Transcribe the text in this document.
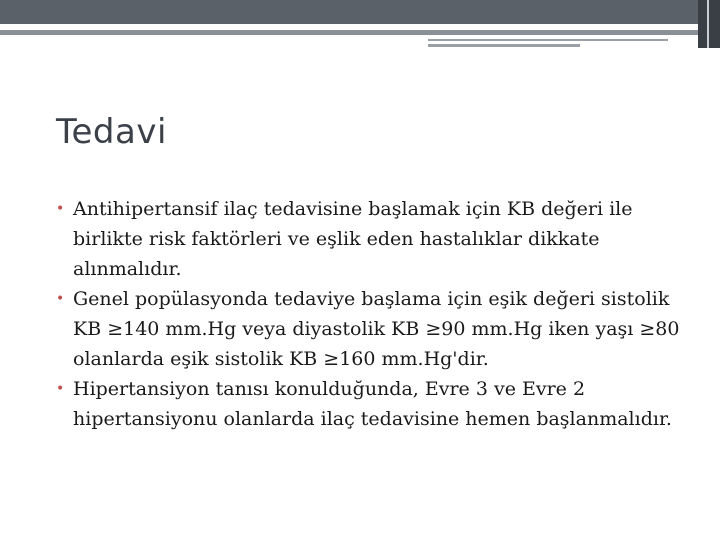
Tedavi
• Antihipertansif ilaç tedavisine başlamak için KB değeri ile birlikte risk faktörleri ve eşlik eden hastalıklar dikkate alınmalıdır.
• Genel popülasyonda tedaviye başlama için eşik değeri sistolik KB ≥140 mm.Hg veya diyastolik KB ≥90 mm.Hg iken yaşı ≥80 olanlarda eşik sistolik KB ≥160 mm.Hg'dir.
• Hipertansiyon tanısı konulduğunda, Evre 3 ve Evre 2 hipertansiyonu olanlarda ilaç tedavisine hemen başlanmalıdır.
